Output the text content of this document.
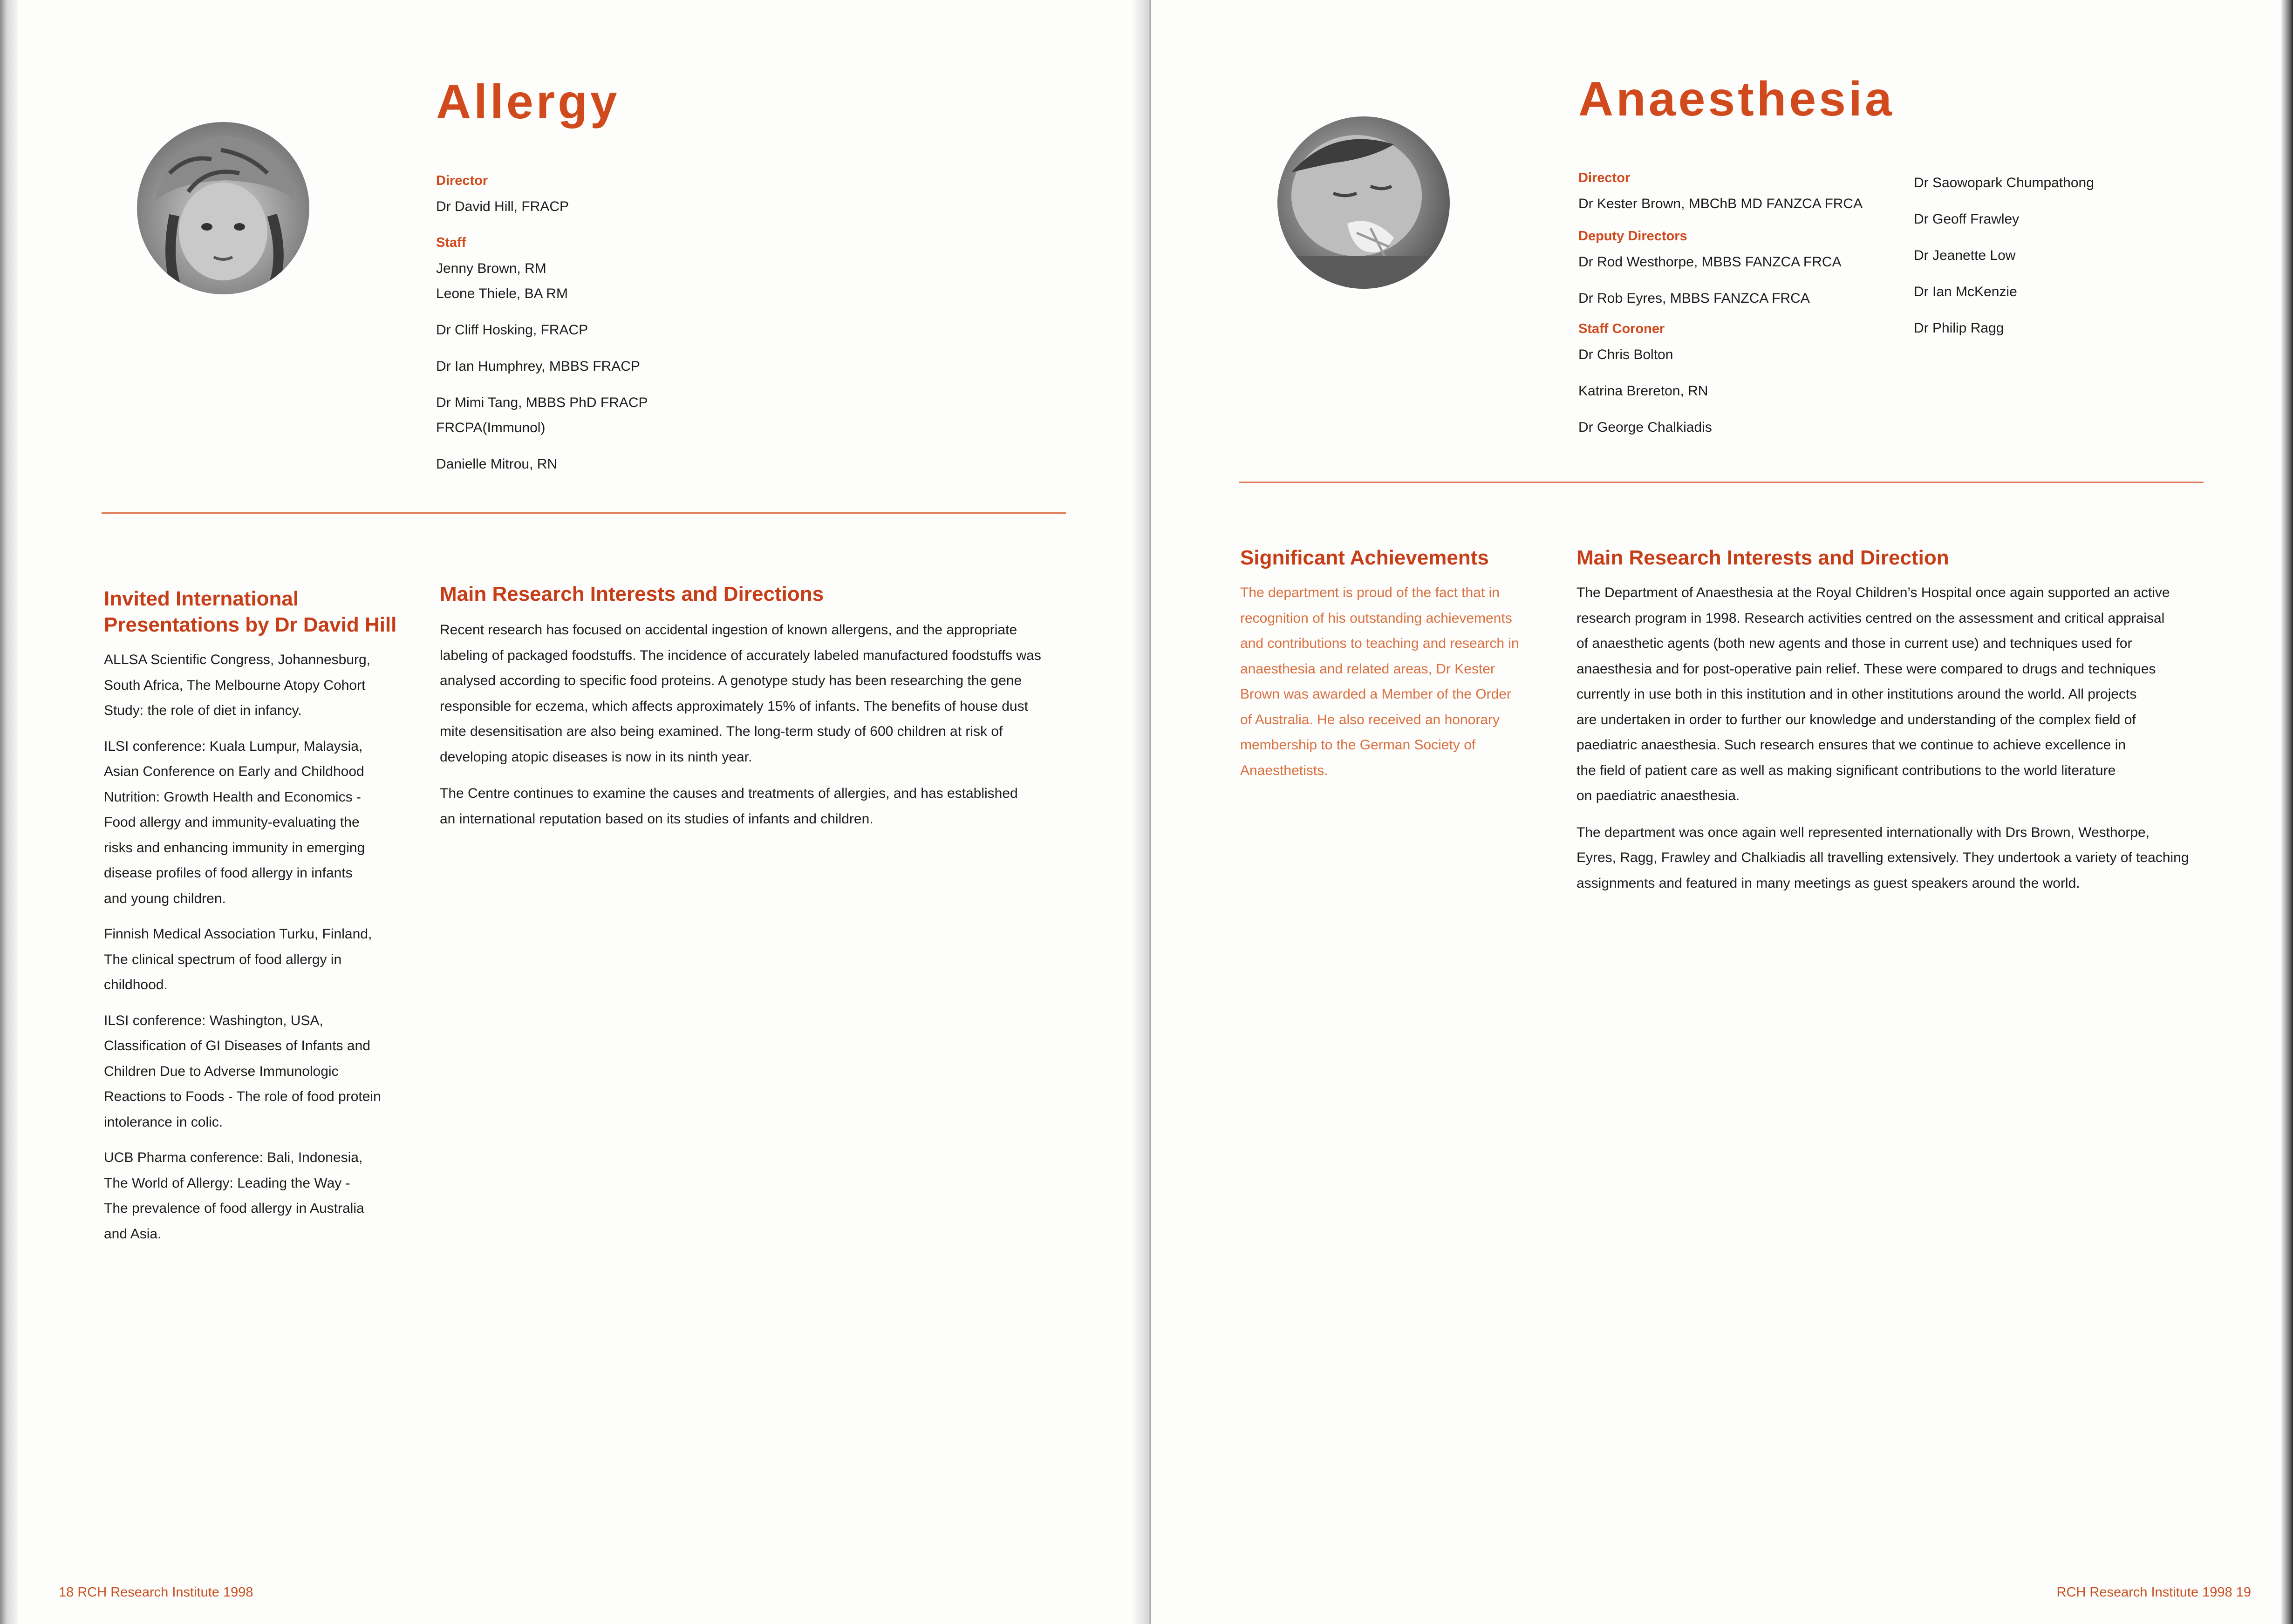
Allergy

Director

Dr David Hill, FRACP

Staff

Jenny Brown, RM

Leone Thiele, BA RM

Dr Cliff Hosking, FRACP

Dr Ian Humphrey, MBBS FRACP

Dr Mimi Tang, MBBS PhD FRACP

FRCPA(Immunol)

Danielle Mitrou, RN

Invited International

Presentations by Dr David Hill

ALLSA Scientific Congress, Johannesburg,

South Africa, The Melbourne Atopy Cohort

Study: the role of diet in infancy.

ILSI conference: Kuala Lumpur, Malaysia,

Asian Conference on Early and Childhood

Nutrition: Growth Health and Economics -

Food allergy and immunity-evaluating the

risks and enhancing immunity in emerging

disease profiles of food allergy in infants

and young children.

Finnish Medical Association Turku, Finland,

The clinical spectrum of food allergy in

childhood.

ILSI conference: Washington, USA,

Classification of GI Diseases of Infants and

Children Due to Adverse Immunologic

Reactions to Foods - The role of food protein

intolerance in colic.

UCB Pharma conference: Bali, Indonesia,

The World of Allergy: Leading the Way -

The prevalence of food allergy in Australia

and Asia.

Main Research Interests and Directions

Recent research has focused on accidental ingestion of known allergens, and the appropriate

labeling of packaged foodstuffs. The incidence of accurately labeled manufactured foodstuffs was

analysed according to specific food proteins. A genotype study has been researching the gene

responsible for eczema, which affects approximately 15% of infants. The benefits of house dust

mite desensitisation are also being examined. The long-term study of 600 children at risk of

developing atopic diseases is now in its ninth year.

The Centre continues to examine the causes and treatments of allergies, and has established

an international reputation based on its studies of infants and children.

18 RCH Research Institute 1998
Anaesthesia

Director

Dr Kester Brown, MBChB MD FANZCA FRCA

Deputy Directors

Dr Rod Westhorpe, MBBS FANZCA FRCA

Dr Rob Eyres, MBBS FANZCA FRCA

Staff Coroner

Dr Chris Bolton

Katrina Brereton, RN

Dr George Chalkiadis

Dr Saowopark Chumpathong

Dr Geoff Frawley

Dr Jeanette Low

Dr Ian McKenzie

Dr Philip Ragg

Significant Achievements

The department is proud of the fact that in

recognition of his outstanding achievements

and contributions to teaching and research in

anaesthesia and related areas, Dr Kester

Brown was awarded a Member of the Order

of Australia. He also received an honorary

membership to the German Society of

Anaesthetists.

Main Research Interests and Direction

The Department of Anaesthesia at the Royal Children’s Hospital once again supported an active

research program in 1998. Research activities centred on the assessment and critical appraisal

of anaesthetic agents (both new agents and those in current use) and techniques used for

anaesthesia and for post-operative pain relief. These were compared to drugs and techniques

currently in use both in this institution and in other institutions around the world. All projects

are undertaken in order to further our knowledge and understanding of the complex field of

paediatric anaesthesia. Such research ensures that we continue to achieve excellence in

the field of patient care as well as making significant contributions to the world literature

on paediatric anaesthesia.

The department was once again well represented internationally with Drs Brown, Westhorpe,

Eyres, Ragg, Frawley and Chalkiadis all travelling extensively. They undertook a variety of teaching

assignments and featured in many meetings as guest speakers around the world.

RCH Research Institute 1998 19
